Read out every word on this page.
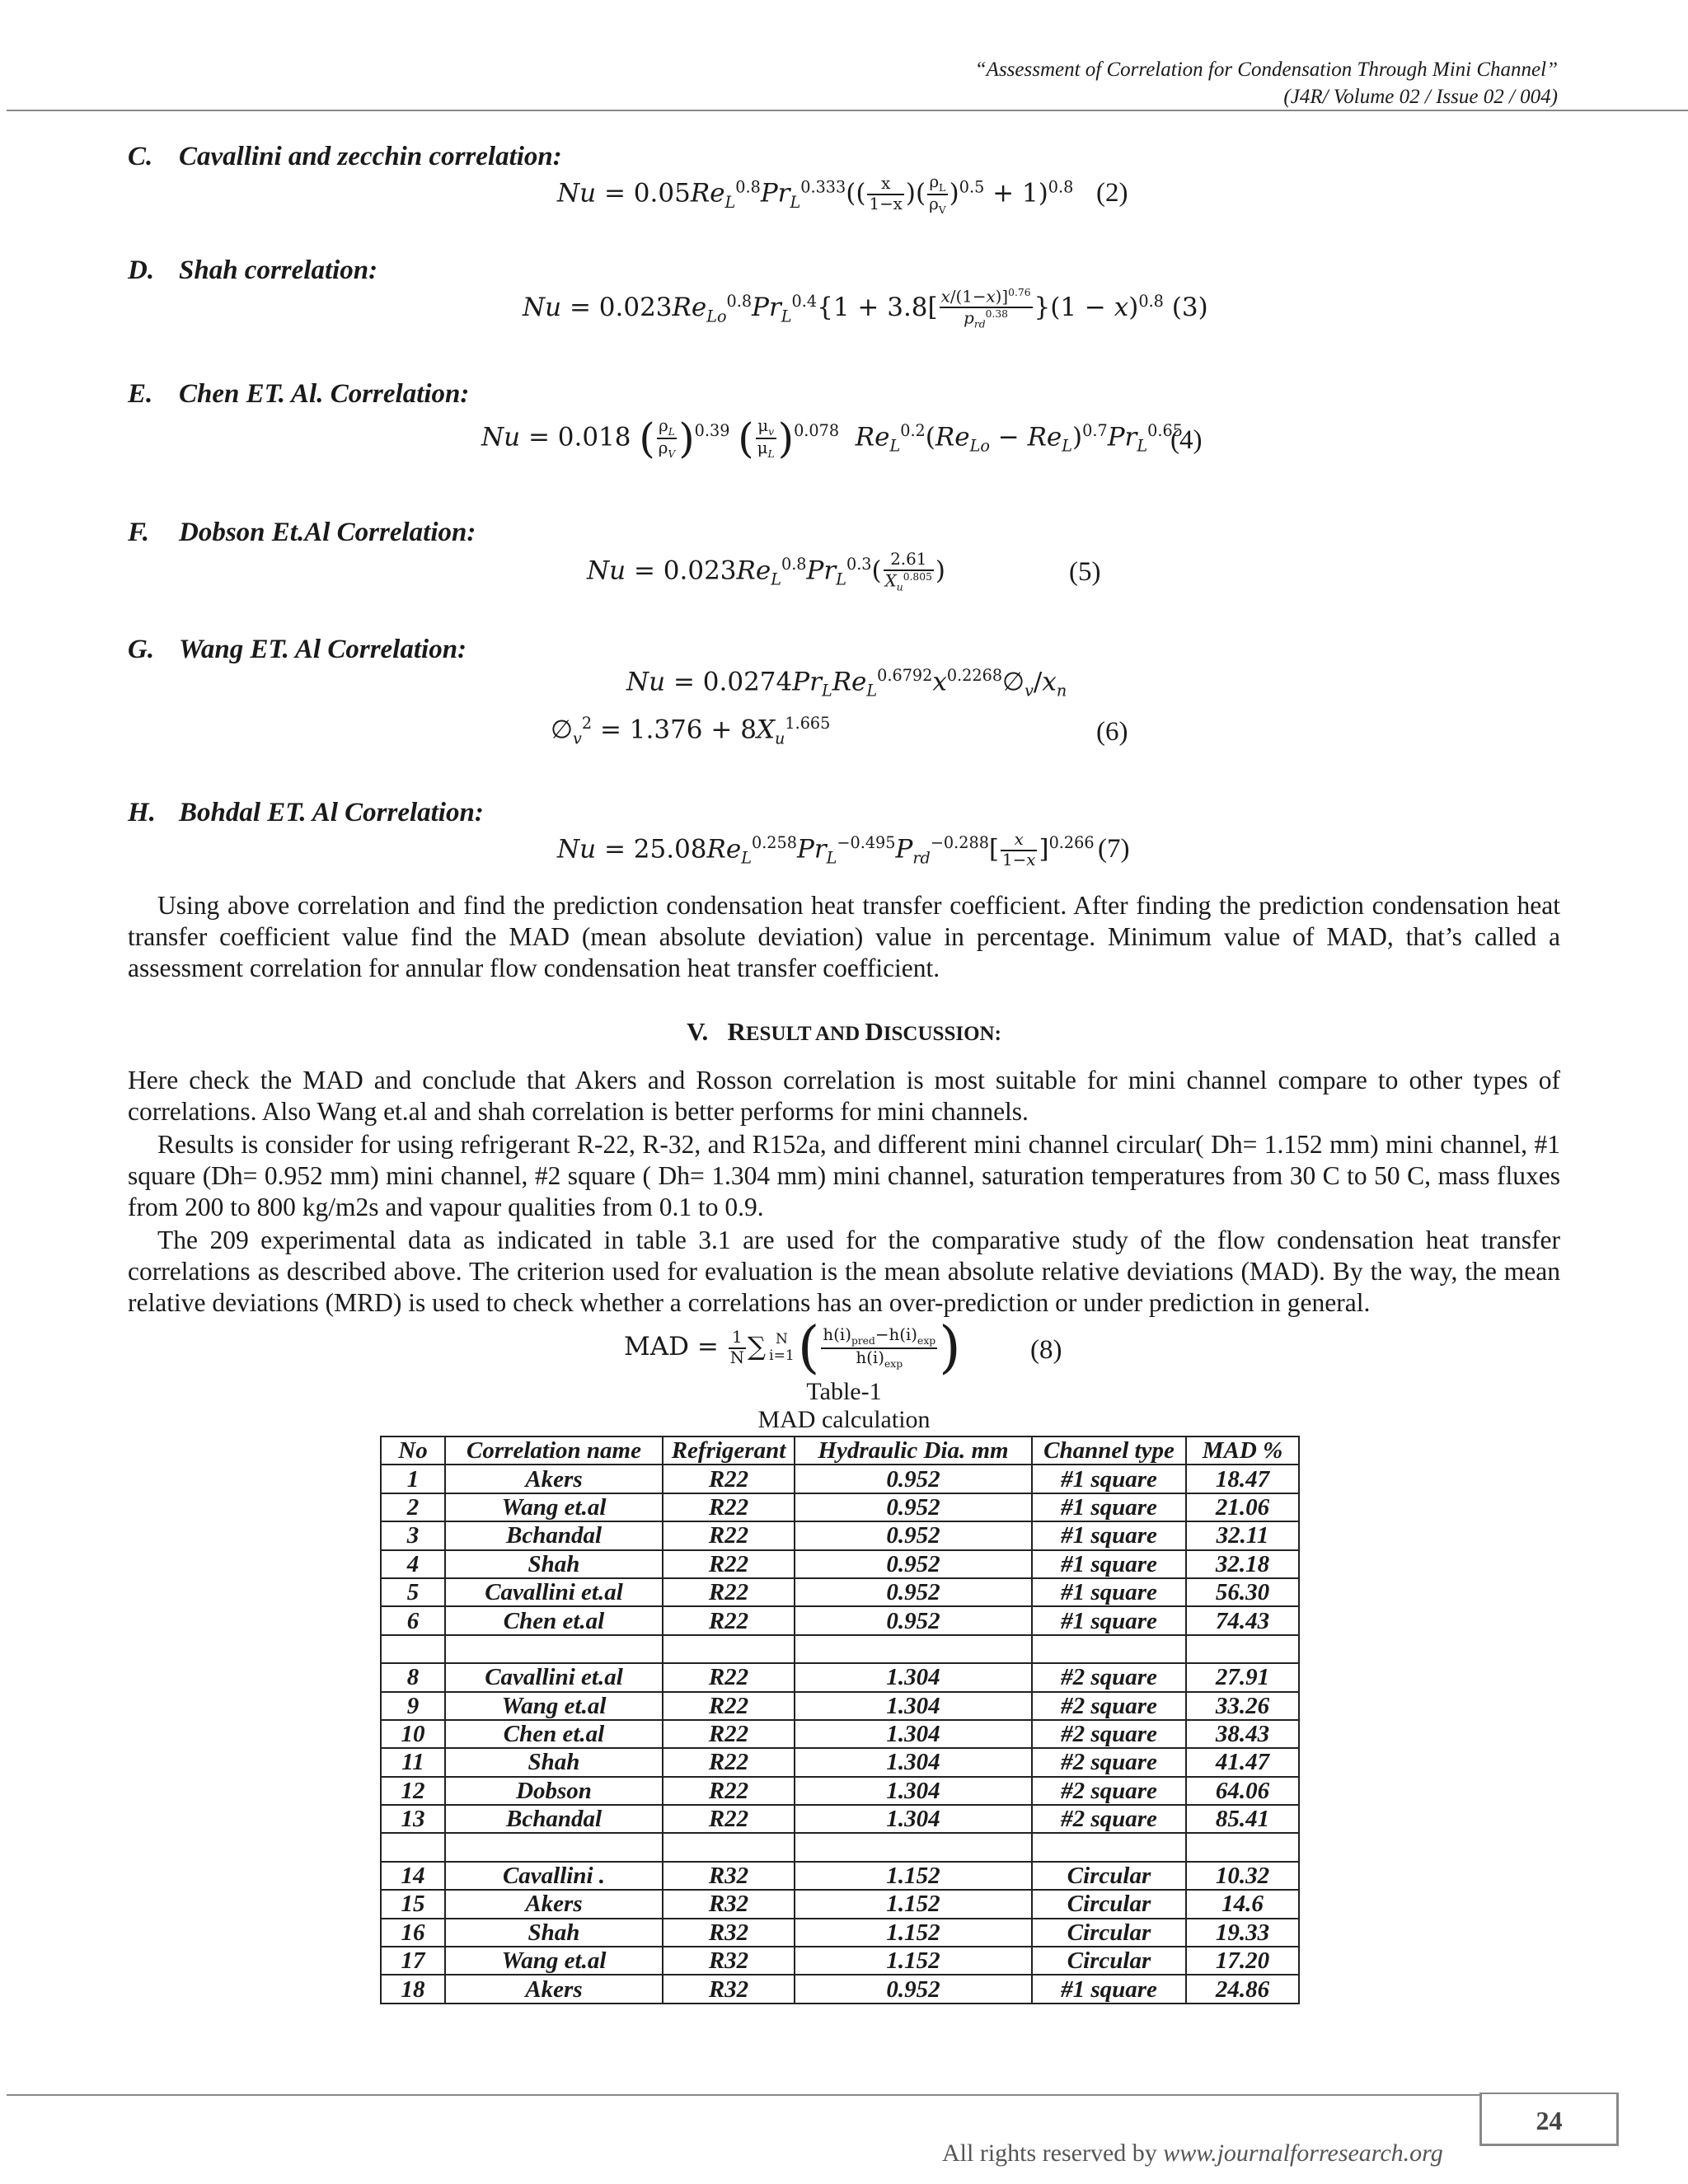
“Assessment of Correlation for Condensation Through Mini Channel”
(J4R/ Volume 02 / Issue 02 / 004)
C. Cavallini and zecchin correlation:
$Nu = 0.05Re_L^{0.8}Pr_L^{0.333}(( \frac{x}{1-x}$ )( $\frac{\rho_L}{\rho_V} )^{0.5} + 1)^{0.8}$ (2)
D. Shah correlation:
$Nu = 0.023Re_{Lo}^{0.8}Pr_L^{0.4}\{1 + 3.8[ \frac{x/(1-x)]^{0.76}}{p_{rd}^{0.38}} \}(1 - x)^{0.8}$ (3)
E. Chen ET. Al. Correlation:
Nu = 0.018 ( $\frac{\rho_L}{\rho_V} )^{0.39}$ ( $\frac{\mu_v}{\mu_L} )^{0.078}$ $Re_L^{0.2}(Re_{Lo} - Re_L)^{0.7}Pr_L^{0.65}$
(4)
F. Dobson Et.Al Correlation:
$Nu = 0.023Re_L^{0.8}Pr_L^{0.3}( \frac{2.61}{X_u^{0.805}}$ )	(5)
G. Wang ET. Al Correlation:
$Nu = 0.0274Pr_LRe_L^{0.6792}x^{0.2268}\emptyset_v/x_n$
$\emptyset_v^2 = 1.376 + 8X_u^{1.665}$	(6)
H. Bohdal ET. Al Correlation:
$Nu = 25.08Re_L^{0.258}Pr_L^{-0.495}P_{rd}^{-0.288}[ \frac{x}{1-x} ]^{0.266}$ (7)
Using above correlation and find the prediction condensation heat transfer coefficient. After finding the prediction condensation heat transfer coefficient value find the MAD (mean absolute deviation) value in percentage. Minimum value of MAD, that’s called a assessment correlation for annular flow condensation heat transfer coefficient.
V. RESULT AND DISCUSSION:
Here check the MAD and conclude that Akers and Rosson correlation is most suitable for mini channel compare to other types of correlations. Also Wang et.al and shah correlation is better performs for mini channels.
Results is consider for using refrigerant R-22, R-32, and R152a, and different mini channel circular( Dh= 1.152 mm) mini channel, #1 square (Dh= 0.952 mm) mini channel, #2 square ( Dh= 1.304 mm) mini channel, saturation temperatures from 30 C to 50 C, mass fluxes from 200 to 800 kg/m2s and vapour qualities from 0.1 to 0.9.
The 209 experimental data as indicated in table 3.1 are used for the comparative study of the flow condensation heat transfer correlations as described above. The criterion used for evaluation is the mean absolute relative deviations (MAD). By the way, the mean relative deviations (MRD) is used to check whether a correlations has an over-prediction or under prediction in general.
MAD = $\frac{1}{N}$ ∑ N
i=1 ( $\frac{h(i)_{pred}-h(i)_{exp}}{h(i)_{exp}}$ )	(8)
Table-1
MAD calculation
No	Correlation name	Refrigerant	Hydraulic Dia. mm	Channel type	MAD %
1	Akers	R22	0.952	#1 square	18.47
2	Wang et.al	R22	0.952	#1 square	21.06
3	Bchandal	R22	0.952	#1 square	32.11
4	Shah	R22	0.952	#1 square	32.18
5	Cavallini et.al	R22	0.952	#1 square	56.30
6	Chen et.al	R22	0.952	#1 square	74.43

8	Cavallini et.al	R22	1.304	#2 square	27.91
9	Wang et.al	R22	1.304	#2 square	33.26
10	Chen et.al	R22	1.304	#2 square	38.43
11	Shah	R22	1.304	#2 square	41.47
12	Dobson	R22	1.304	#2 square	64.06
13	Bchandal	R22	1.304	#2 square	85.41

14	Cavallini .	R32	1.152	Circular	10.32
15	Akers	R32	1.152	Circular	14.6
16	Shah	R32	1.152	Circular	19.33
17	Wang et.al	R32	1.152	Circular	17.20
18	Akers	R32	0.952	#1 square	24.86
All rights reserved by www.journalforresearch.org
24
